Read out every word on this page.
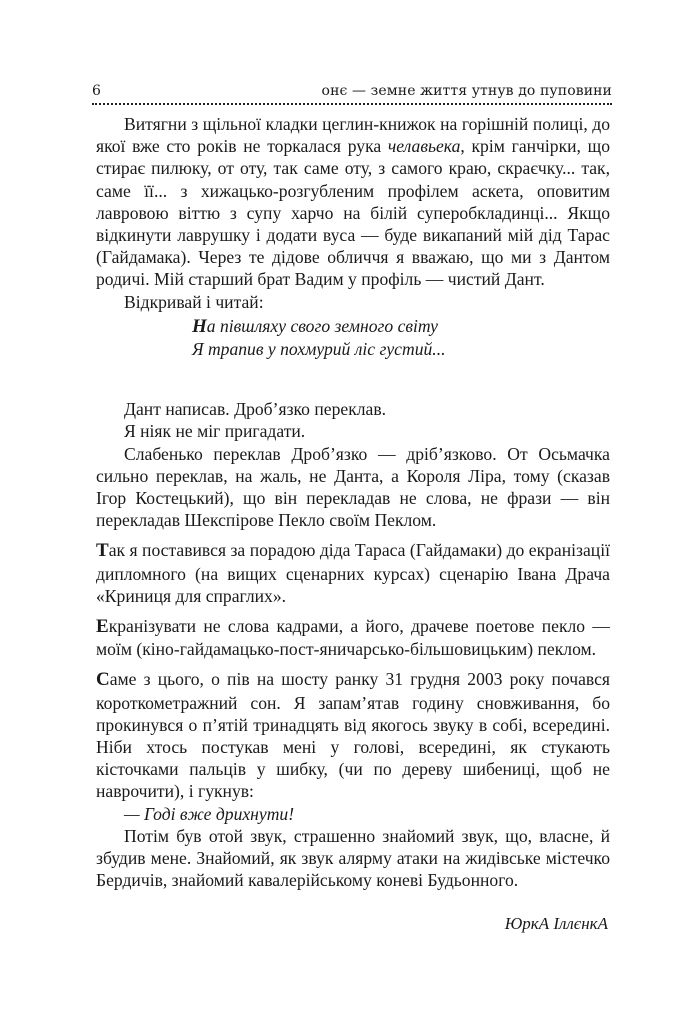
6	онє — земне життя утнув до пуповини

Витягни з щільної кладки цеглин-книжок на горішній полиці, до якої вже сто років не торкалася рука челавьека, крім ганчірки, що стирає пилюку, от оту, так саме оту, з самого краю, скраєчку... так, саме її... з хижацько-розгубленим профілем аскета, оповитим лавровою віттю з супу харчо на білій суперобкладинці... Якщо відкинути лаврушку і додати вуса — буде викапаний мій дід Тарас (Гайдамака). Через те дідове обличчя я вважаю, що ми з Дантом родичі. Мій старший брат Вадим у профіль — чистий Дант.

Відкривай і читай:

На півшляху свого земного світу
Я трапив у похмурий ліс густий...

Дант написав. Дроб’язко переклав.

Я ніяк не міг пригадати.

Слабенько переклав Дроб’язко — дріб’язково. От Осьмачка сильно переклав, на жаль, не Данта, а Короля Ліра, тому (сказав Ігор Костецький), що він перекладав не слова, не фрази — він перекладав Шекспірове Пекло своїм Пеклом.

Так я поставився за порадою діда Тараса (Гайдамаки) до екранізації дипломного (на вищих сценарних курсах) сценарію Івана Драча «Криниця для спраглих».

Екранізувати не слова кадрами, а його, драчеве поетове пекло — моїм (кіно-гайдамацько-пост-яничарсько-більшовицьким) пеклом.

Саме з цього, о пів на шосту ранку 31 грудня 2003 року почався короткометражний сон. Я запам’ятав годину сновживання, бо прокинувся о п’ятій тринадцять від якогось звуку в собі, всередині. Ніби хтось постукав мені у голові, всередині, як стукають кісточками пальців у шибку, (чи по дереву шибениці, щоб не наврочити), і гукнув:

— Годі вже дрихнути!

Потім був отой звук, страшенно знайомий звук, що, власне, й збудив мене. Знайомий, як звук алярму атаки на жидівське містечко Бердичів, знайомий кавалерійському коневі Будьонного.

ЮркА ІллєнкА
